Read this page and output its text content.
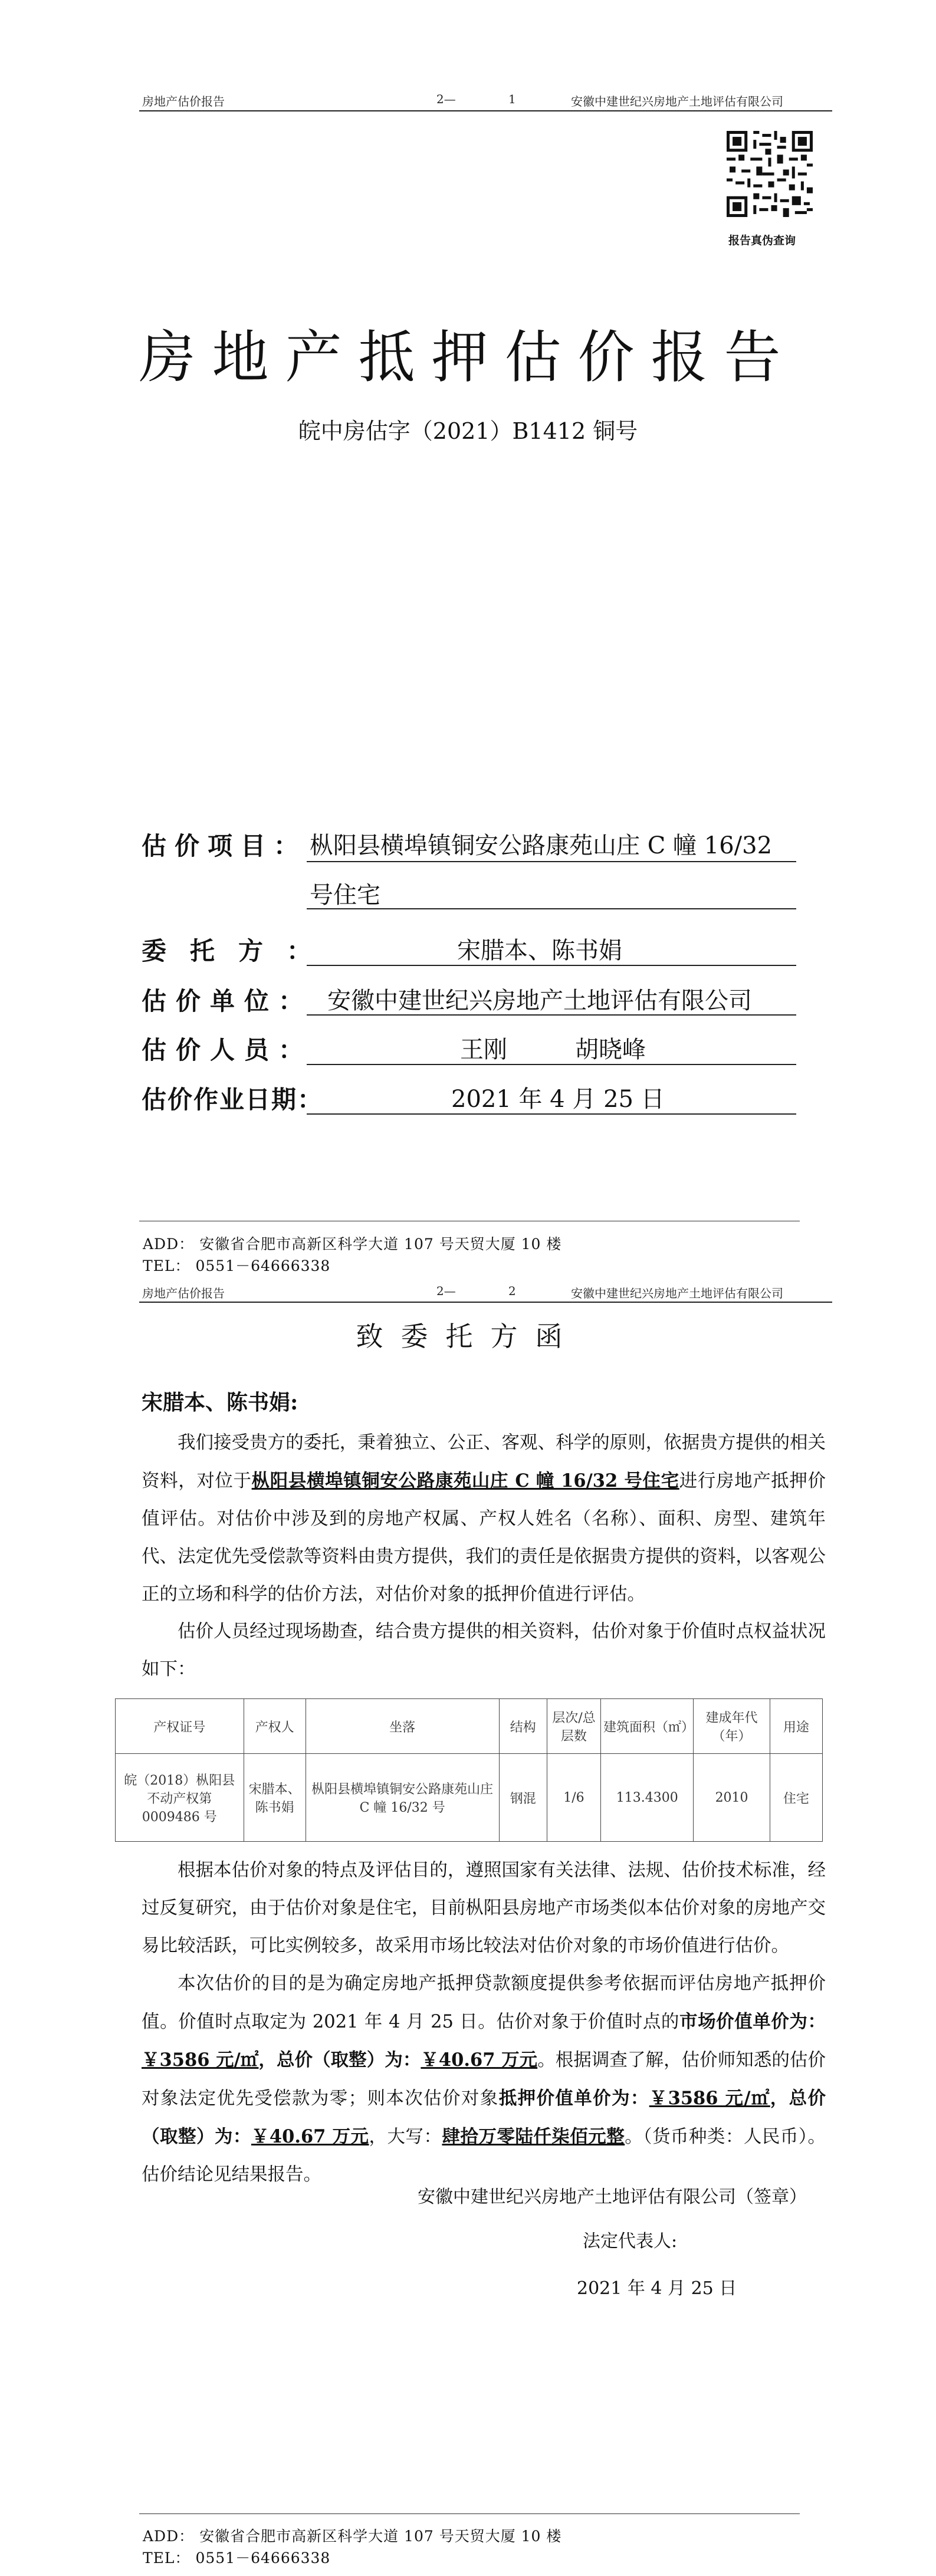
房地产估价报告	2—	1	安徽中建世纪兴房地产土地评估有限公司
报告真伪查询
房地产抵押估价报告
皖中房估字（2021）B1412 铜号
估价项目： 枞阳县横埠镇铜安公路康苑山庄 C 幢 16/32
号住宅
委托方：	宋腊本、陈书娟
估价单位： 安徽中建世纪兴房地产土地评估有限公司
估价人员：	王刚	胡晓峰
估价作业日期：	2021 年 4 月 25 日
ADD： 安徽省合肥市高新区科学大道 107 号天贸大厦 10 楼
TEL： 0551－64666338
房地产估价报告	2—	2	安徽中建世纪兴房地产土地评估有限公司
致委托方函
宋腊本、陈书娟:
我们接受贵方的委托，秉着独立、公正、客观、科学的原则，依据贵方提供的相关资料，对位于枞阳县横埠镇铜安公路康苑山庄 C 幢 16/32 号住宅进行房地产抵押价值评估。对估价中涉及到的房地产权属、产权人姓名（名称）、面积、房型、建筑年代、法定优先受偿款等资料由贵方提供，我们的责任是依据贵方提供的资料，以客观公正的立场和科学的估价方法，对估价对象的抵押价值进行评估。
估价人员经过现场勘查，结合贵方提供的相关资料，估价对象于价值时点权益状况如下：
产权证号	产权人	坐落	结构	层次/总层数	建筑面积（㎡）	建成年代（年）	用途
皖（2018）枞阳县不动产权第 0009486 号	宋腊本、陈书娟	枞阳县横埠镇铜安公路康苑山庄 C 幢 16/32 号	钢混	1/6	113.4300	2010	住宅
根据本估价对象的特点及评估目的，遵照国家有关法律、法规、估价技术标准，经过反复研究，由于估价对象是住宅，目前枞阳县房地产市场类似本估价对象的房地产交易比较活跃，可比实例较多，故采用市场比较法对估价对象的市场价值进行估价。
本次估价的目的是为确定房地产抵押贷款额度提供参考依据而评估房地产抵押价值。价值时点取定为 2021 年 4 月 25 日。估价对象于价值时点的市场价值单价为：￥3586 元/㎡，总价（取整）为：￥40.67 万元。根据调查了解，估价师知悉的估价对象法定优先受偿款为零；则本次估价对象抵押价值单价为：￥3586 元/㎡，总价（取整）为：￥40.67 万元，大写：肆拾万零陆仟柒佰元整。（货币种类：人民币）。估价结论见结果报告。
安徽中建世纪兴房地产土地评估有限公司（签章）
法定代表人:
2021 年 4 月 25 日
ADD： 安徽省合肥市高新区科学大道 107 号天贸大厦 10 楼
TEL： 0551－64666338
